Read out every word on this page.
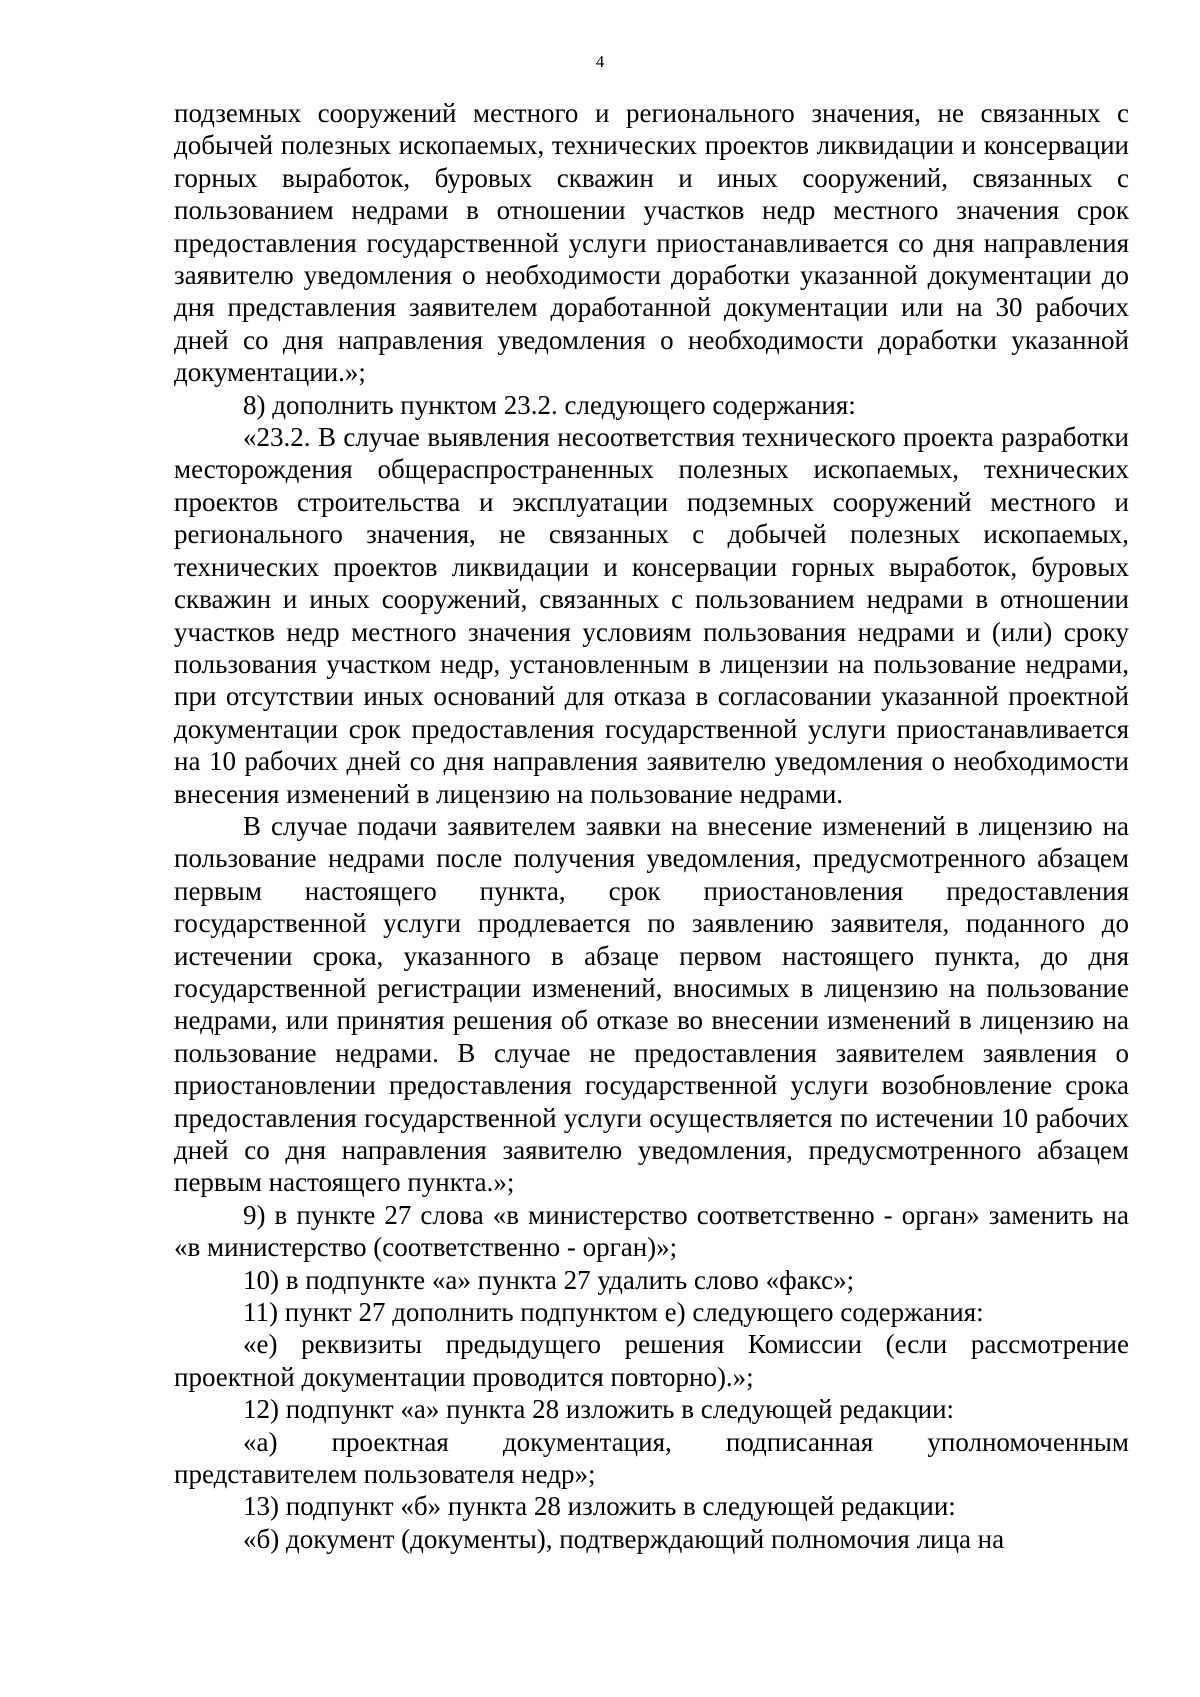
4

подземных сооружений местного и регионального значения, не связанных с добычей полезных ископаемых, технических проектов ликвидации и консервации горных выработок, буровых скважин и иных сооружений, связанных с пользованием недрами в отношении участков недр местного значения срок предоставления государственной услуги приостанавливается со дня направления заявителю уведомления о необходимости доработки указанной документации до дня представления заявителем доработанной документации или на 30 рабочих дней со дня направления уведомления о необходимости доработки указанной документации.»;

8) дополнить пунктом 23.2. следующего содержания:

«23.2. В случае выявления несоответствия технического проекта разработки месторождения общераспространенных полезных ископаемых, технических проектов строительства и эксплуатации подземных сооружений местного и регионального значения, не связанных с добычей полезных ископаемых, технических проектов ликвидации и консервации горных выработок, буровых скважин и иных сооружений, связанных с пользованием недрами в отношении участков недр местного значения условиям пользования недрами и (или) сроку пользования участком недр, установленным в лицензии на пользование недрами, при отсутствии иных оснований для отказа в согласовании указанной проектной документации срок предоставления государственной услуги приостанавливается на 10 рабочих дней со дня направления заявителю уведомления о необходимости внесения изменений в лицензию на пользование недрами.

В случае подачи заявителем заявки на внесение изменений в лицензию на пользование недрами после получения уведомления, предусмотренного абзацем первым настоящего пункта, срок приостановления предоставления государственной услуги продлевается по заявлению заявителя, поданного до истечении срока, указанного в абзаце первом настоящего пункта, до дня государственной регистрации изменений, вносимых в лицензию на пользование недрами, или принятия решения об отказе во внесении изменений в лицензию на пользование недрами. В случае не предоставления заявителем заявления о приостановлении предоставления государственной услуги возобновление срока предоставления государственной услуги осуществляется по истечении 10 рабочих дней со дня направления заявителю уведомления, предусмотренного абзацем первым настоящего пункта.»;

9) в пункте 27 слова «в министерство соответственно - орган» заменить на «в министерство (соответственно - орган)»;

10) в подпункте «а» пункта 27 удалить слово «факс»;

11) пункт 27 дополнить подпунктом е) следующего содержания:

«е) реквизиты предыдущего решения Комиссии (если рассмотрение проектной документации проводится повторно).»;

12) подпункт «а» пункта 28 изложить в следующей редакции:

«а) проектная документация, подписанная уполномоченным представителем пользователя недр»;

13) подпункт «б» пункта 28 изложить в следующей редакции:

«б) документ (документы), подтверждающий полномочия лица на
